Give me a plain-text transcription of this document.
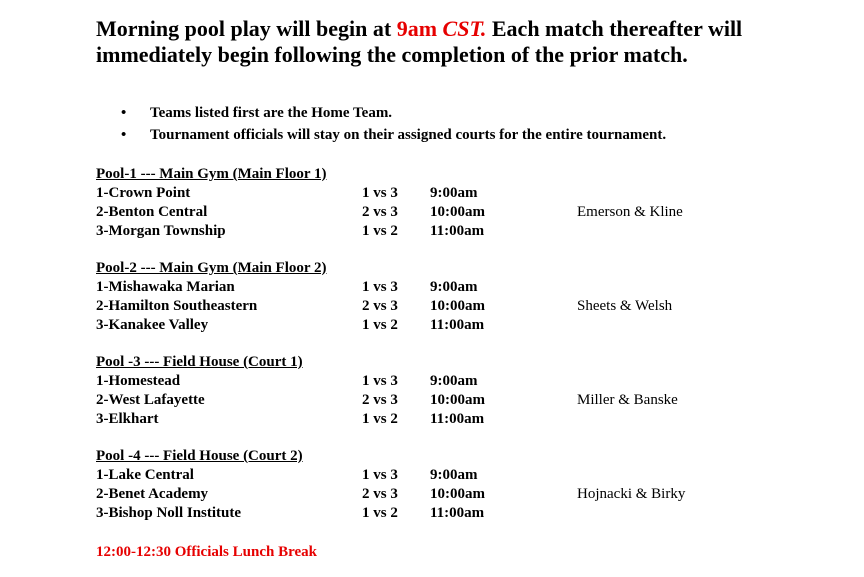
Morning pool play will begin at 9am CST. Each match thereafter will immediately begin following the completion of the prior match.
• Teams listed first are the Home Team.
• Tournament officials will stay on their assigned courts for the entire tournament.
Pool-1 --- Main Gym (Main Floor 1)
1-Crown Point	1 vs 3 9:00am
2-Benton Central	2 vs 3 10:00am	Emerson & Kline
3-Morgan Township	1 vs 2 11:00am
Pool-2 --- Main Gym (Main Floor 2)
1-Mishawaka Marian	1 vs 3 9:00am
2-Hamilton Southeastern	2 vs 3 10:00am	Sheets & Welsh
3-Kanakee Valley	1 vs 2 11:00am
Pool -3 --- Field House (Court 1)
1-Homestead	1 vs 3 9:00am
2-West Lafayette	2 vs 3 10:00am	Miller & Banske
3-Elkhart	1 vs 2 11:00am
Pool -4 --- Field House (Court 2)
1-Lake Central	1 vs 3 9:00am
2-Benet Academy	2 vs 3 10:00am	Hojnacki & Birky
3-Bishop Noll Institute	1 vs 2 11:00am
12:00-12:30 Officials Lunch Break
